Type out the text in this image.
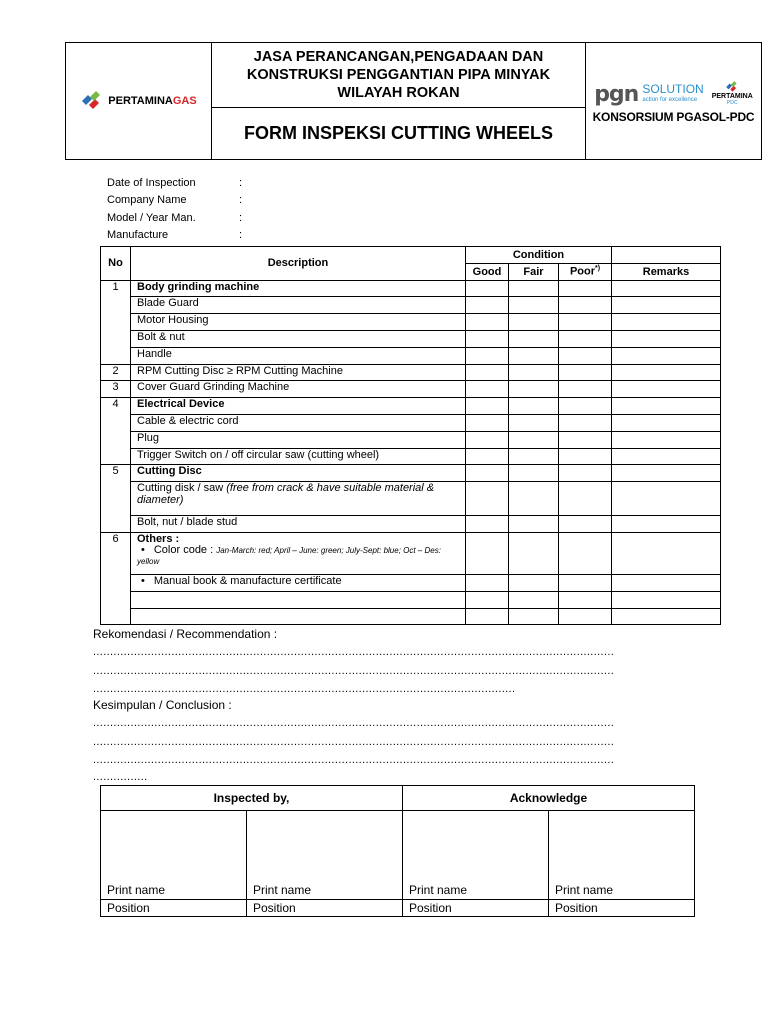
PERTAMINAGAS
JASA PERANCANGAN,PENGADAAN DAN KONSTRUKSI PENGGANTIAN PIPA MINYAK WILAYAH ROKAN
FORM INSPEKSI CUTTING WHEELS
pgn SOLUTION
action for excellence	PERTAMINA
PDC
KONSORSIUM PGASOL-PDC
Date of Inspection	:
Company Name	:
Model / Year Man.	:
Manufacture	:
No	Description	Condition			
		Good	Fair	Poor*)	Remarks
1	Body grinding machine				
	Blade Guard				
	Motor Housing				
	Bolt & nut				
	Handle				
2	RPM Cutting Disc ≥ RPM Cutting Machine				
3	Cover Guard Grinding Machine				
4	Electrical Device				
	Cable & electric cord				
	Plug				
	Trigger Switch on / off circular saw (cutting wheel)				
5	Cutting Disc				
	Cutting disk / saw (free from crack & have suitable material & diameter)				
	Bolt, nut / blade stud				
6	Others :
• Color code : Jan-March: red; April – June: green; July-Sept: blue; Oct – Des: yellow

	• Manual book & manufacture certificate				

Rekomendasi / Recommendation :
.........................................................................................................................................................
.........................................................................................................................................................
............................................................................................................................
Kesimpulan / Conclusion :
.........................................................................................................................................................
.........................................................................................................................................................
.........................................................................................................................................................
................
Inspected by,		Acknowledge	
Print name	Print name	Print name	Print name
Position	Position	Position	Position
